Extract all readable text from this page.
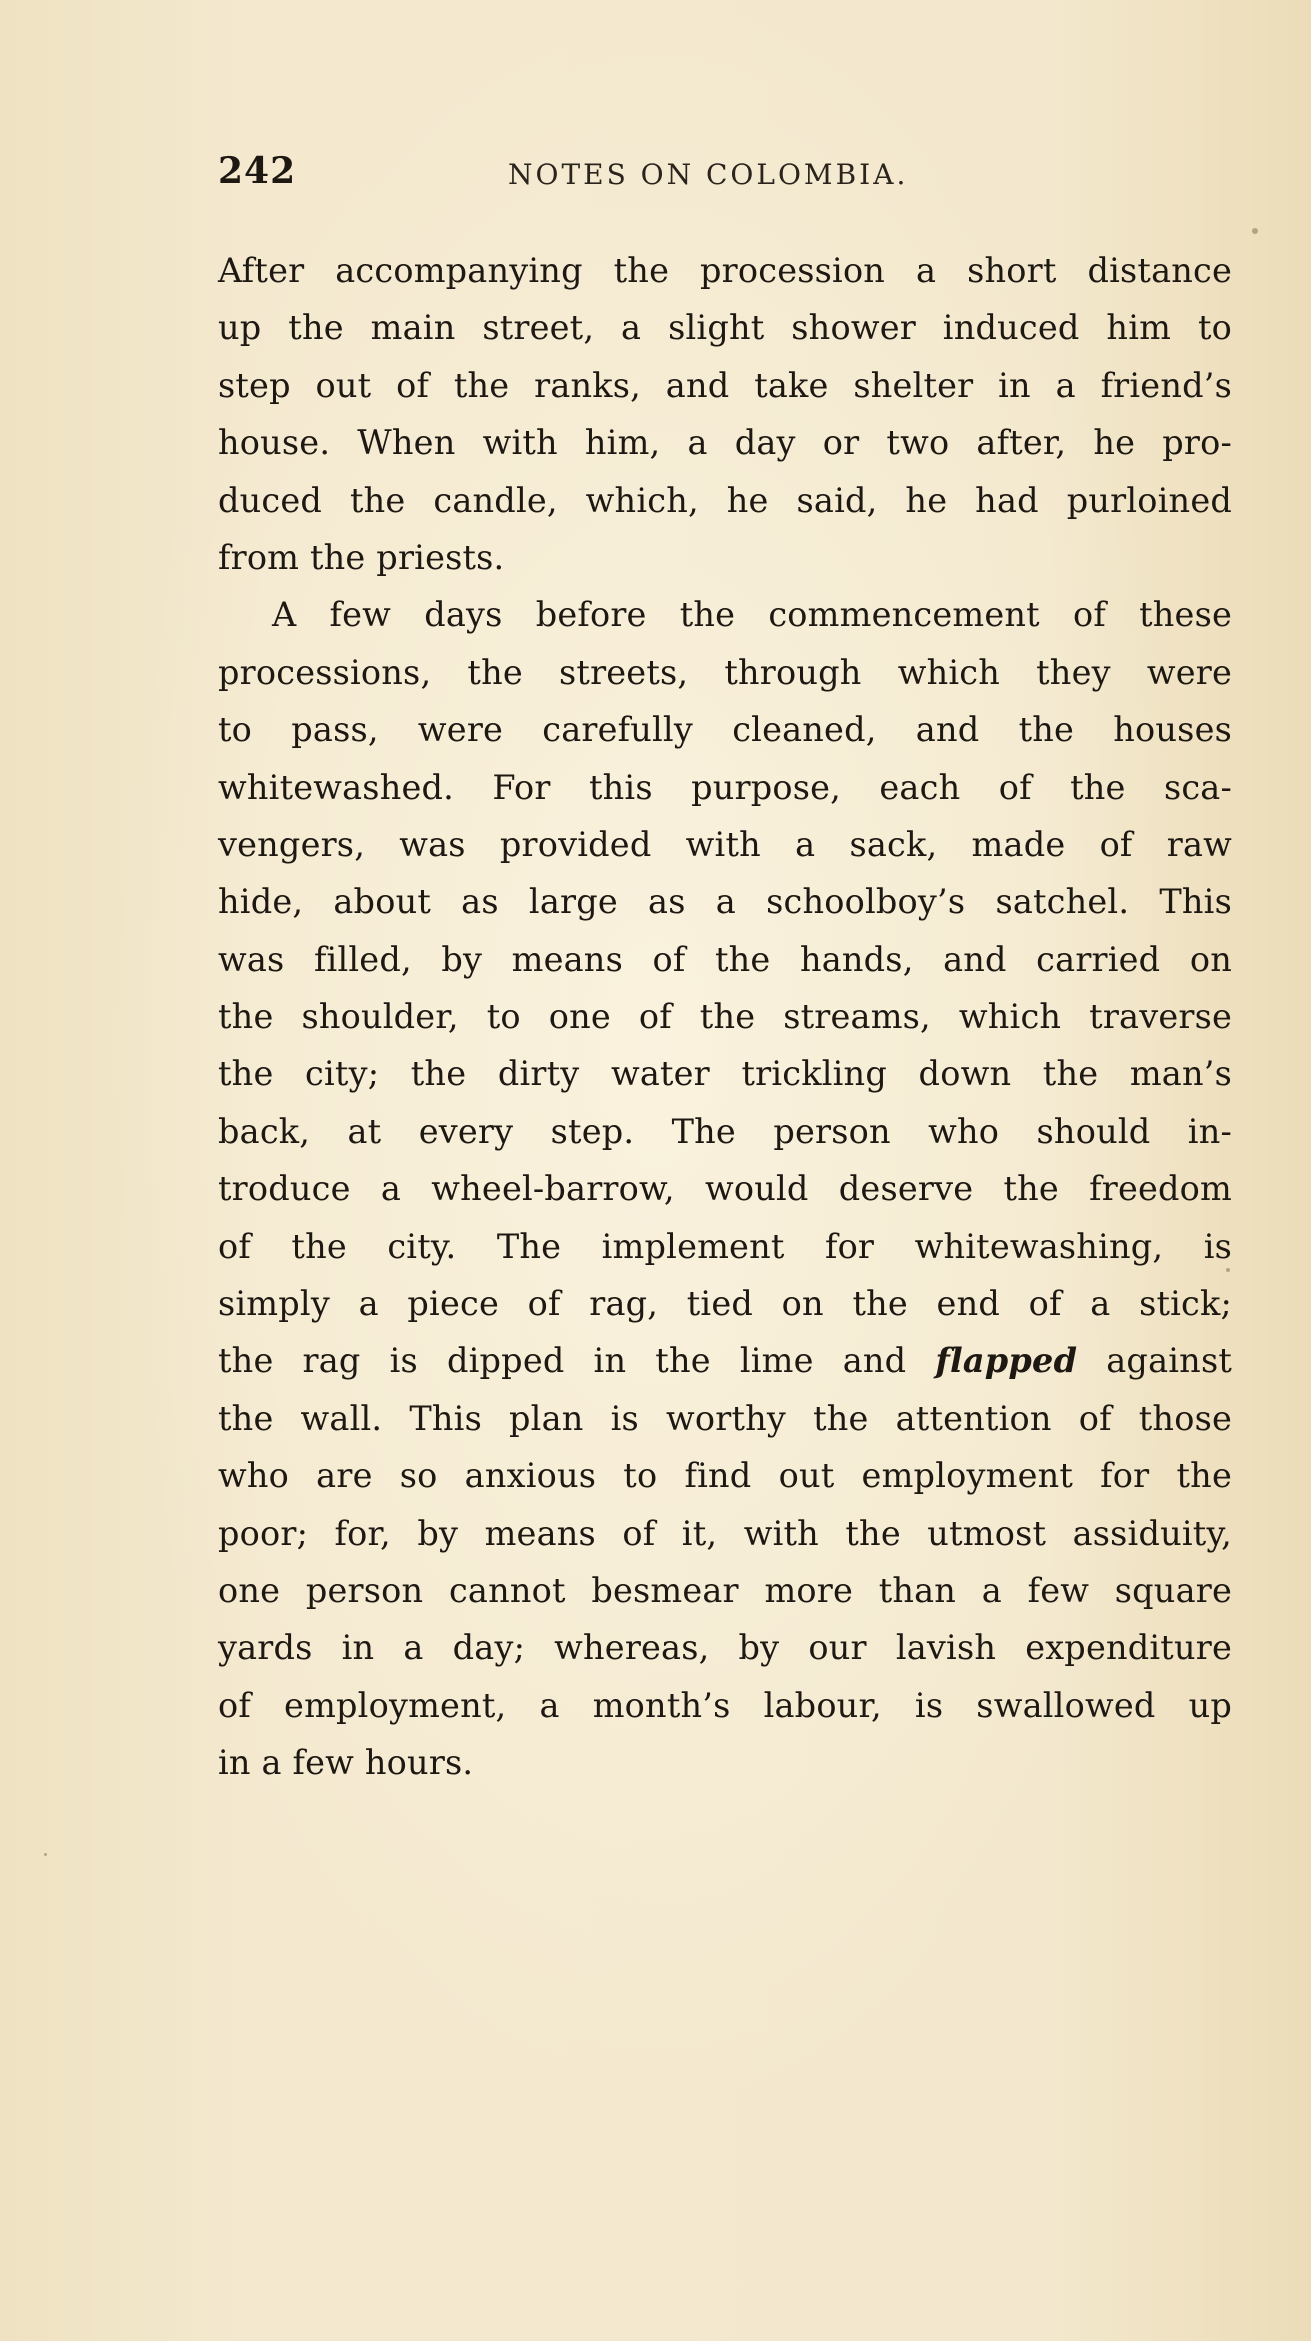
242	NOTES ON COLOMBIA.
After accompanying the procession a short distance
up the main street, a slight shower induced him to
step out of the ranks, and take shelter in a friend’s
house. When with him, a day or two after, he pro-
duced the candle, which, he said, he had purloined
from the priests.
A few days before the commencement of these
processions, the streets, through which they were
to pass, were carefully cleaned, and the houses
whitewashed. For this purpose, each of the sca-
vengers, was provided with a sack, made of raw
hide, about as large as a schoolboy’s satchel. This
was filled, by means of the hands, and carried on
the shoulder, to one of the streams, which traverse
the city; the dirty water trickling down the man’s
back, at every step. The person who should in-
troduce a wheel-barrow, would deserve the freedom
of the city. The implement for whitewashing, is
simply a piece of rag, tied on the end of a stick;
the rag is dipped in the lime and flapped against
the wall. This plan is worthy the attention of those
who are so anxious to find out employment for the
poor; for, by means of it, with the utmost assiduity,
one person cannot besmear more than a few square
yards in a day; whereas, by our lavish expenditure
of employment, a month’s labour, is swallowed up
in a few hours.
